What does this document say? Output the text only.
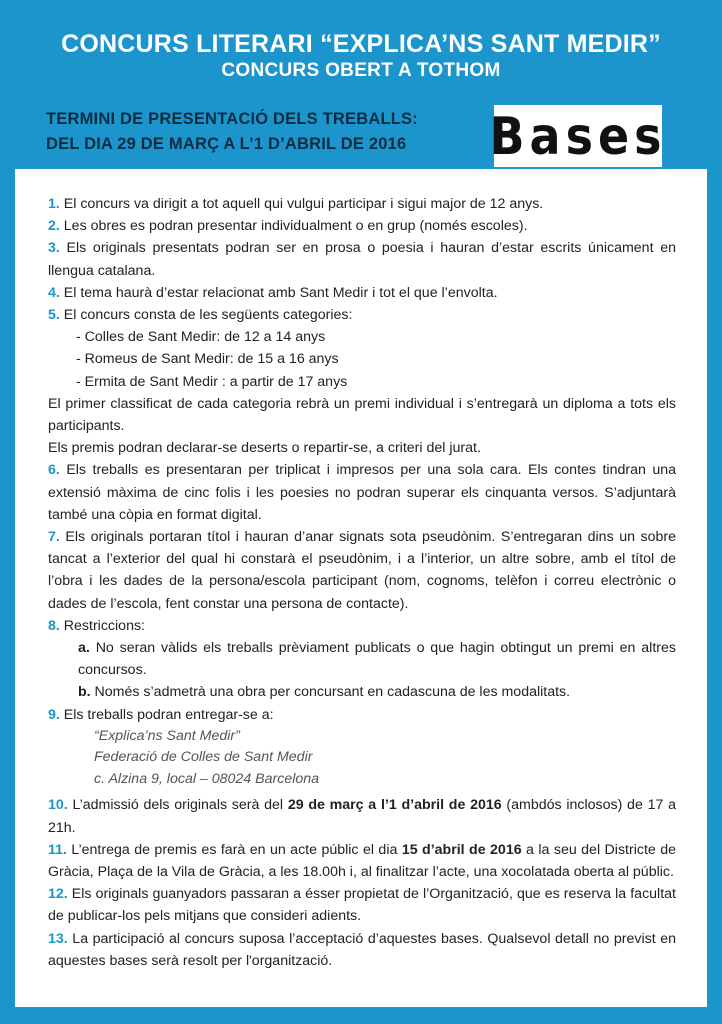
CONCURS LITERARI “EXPLICA’NS SANT MEDIR”
CONCURS OBERT A TOTHOM
TERMINI DE PRESENTACIÓ DELS TREBALLS:
DEL DIA 29 DE MARÇ A L’1 D’ABRIL DE 2016 Bases
1. El concurs va dirigit a tot aquell qui vulgui participar i sigui major de 12 anys.
2. Les obres es podran presentar individualment o en grup (només escoles).
3. Els originals presentats podran ser en prosa o poesia i hauran d’estar escrits únicament en llengua catalana.
4. El tema haurà d’estar relacionat amb Sant Medir i tot el que l’envolta.
5. El concurs consta de les següents categories:
- Colles de Sant Medir: de 12 a 14 anys
- Romeus de Sant Medir: de 15 a 16 anys
- Ermita de Sant Medir : a partir de 17 anys
El primer classificat de cada categoria rebrà un premi individual i s’entregarà un diploma a tots els participants.
Els premis podran declarar-se deserts o repartir-se, a criteri del jurat.
6. Els treballs es presentaran per triplicat i impresos per una sola cara. Els contes tindran una extensió màxima de cinc folis i les poesies no podran superar els cinquanta versos. S’adjuntarà també una còpia en format digital.
7. Els originals portaran títol i hauran d’anar signats sota pseudònim. S’entregaran dins un sobre tancat a l’exterior del qual hi constarà el pseudònim, i a l’interior, un altre sobre, amb el títol de l’obra i les dades de la persona/escola participant (nom, cognoms, telèfon i correu electrònic o dades de l’escola, fent constar una persona de contacte).
8. Restriccions:
a. No seran vàlids els treballs prèviament publicats o que hagin obtingut un premi en altres concursos.
b. Només s’admetrà una obra per concursant en cadascuna de les modalitats.
9. Els treballs podran entregar-se a:
“Explica’ns Sant Medir”
Federació de Colles de Sant Medir
c. Alzina 9, local – 08024 Barcelona
10. L’admissió dels originals serà del 29 de març a l’1 d’abril de 2016 (ambdós inclosos) de 17 a 21h.
11. L’entrega de premis es farà en un acte públic el dia 15 d’abril de 2016 a la seu del Districte de Gràcia, Plaça de la Vila de Gràcia, a les 18.00h i, al finalitzar l’acte, una xocolatada oberta al públic.
12. Els originals guanyadors passaran a ésser propietat de l’Organització, que es reserva la facultat de publicar-los pels mitjans que consideri adients.
13. La participació al concurs suposa l’acceptació d’aquestes bases. Qualsevol detall no previst en aquestes bases serà resolt per l'organització.
